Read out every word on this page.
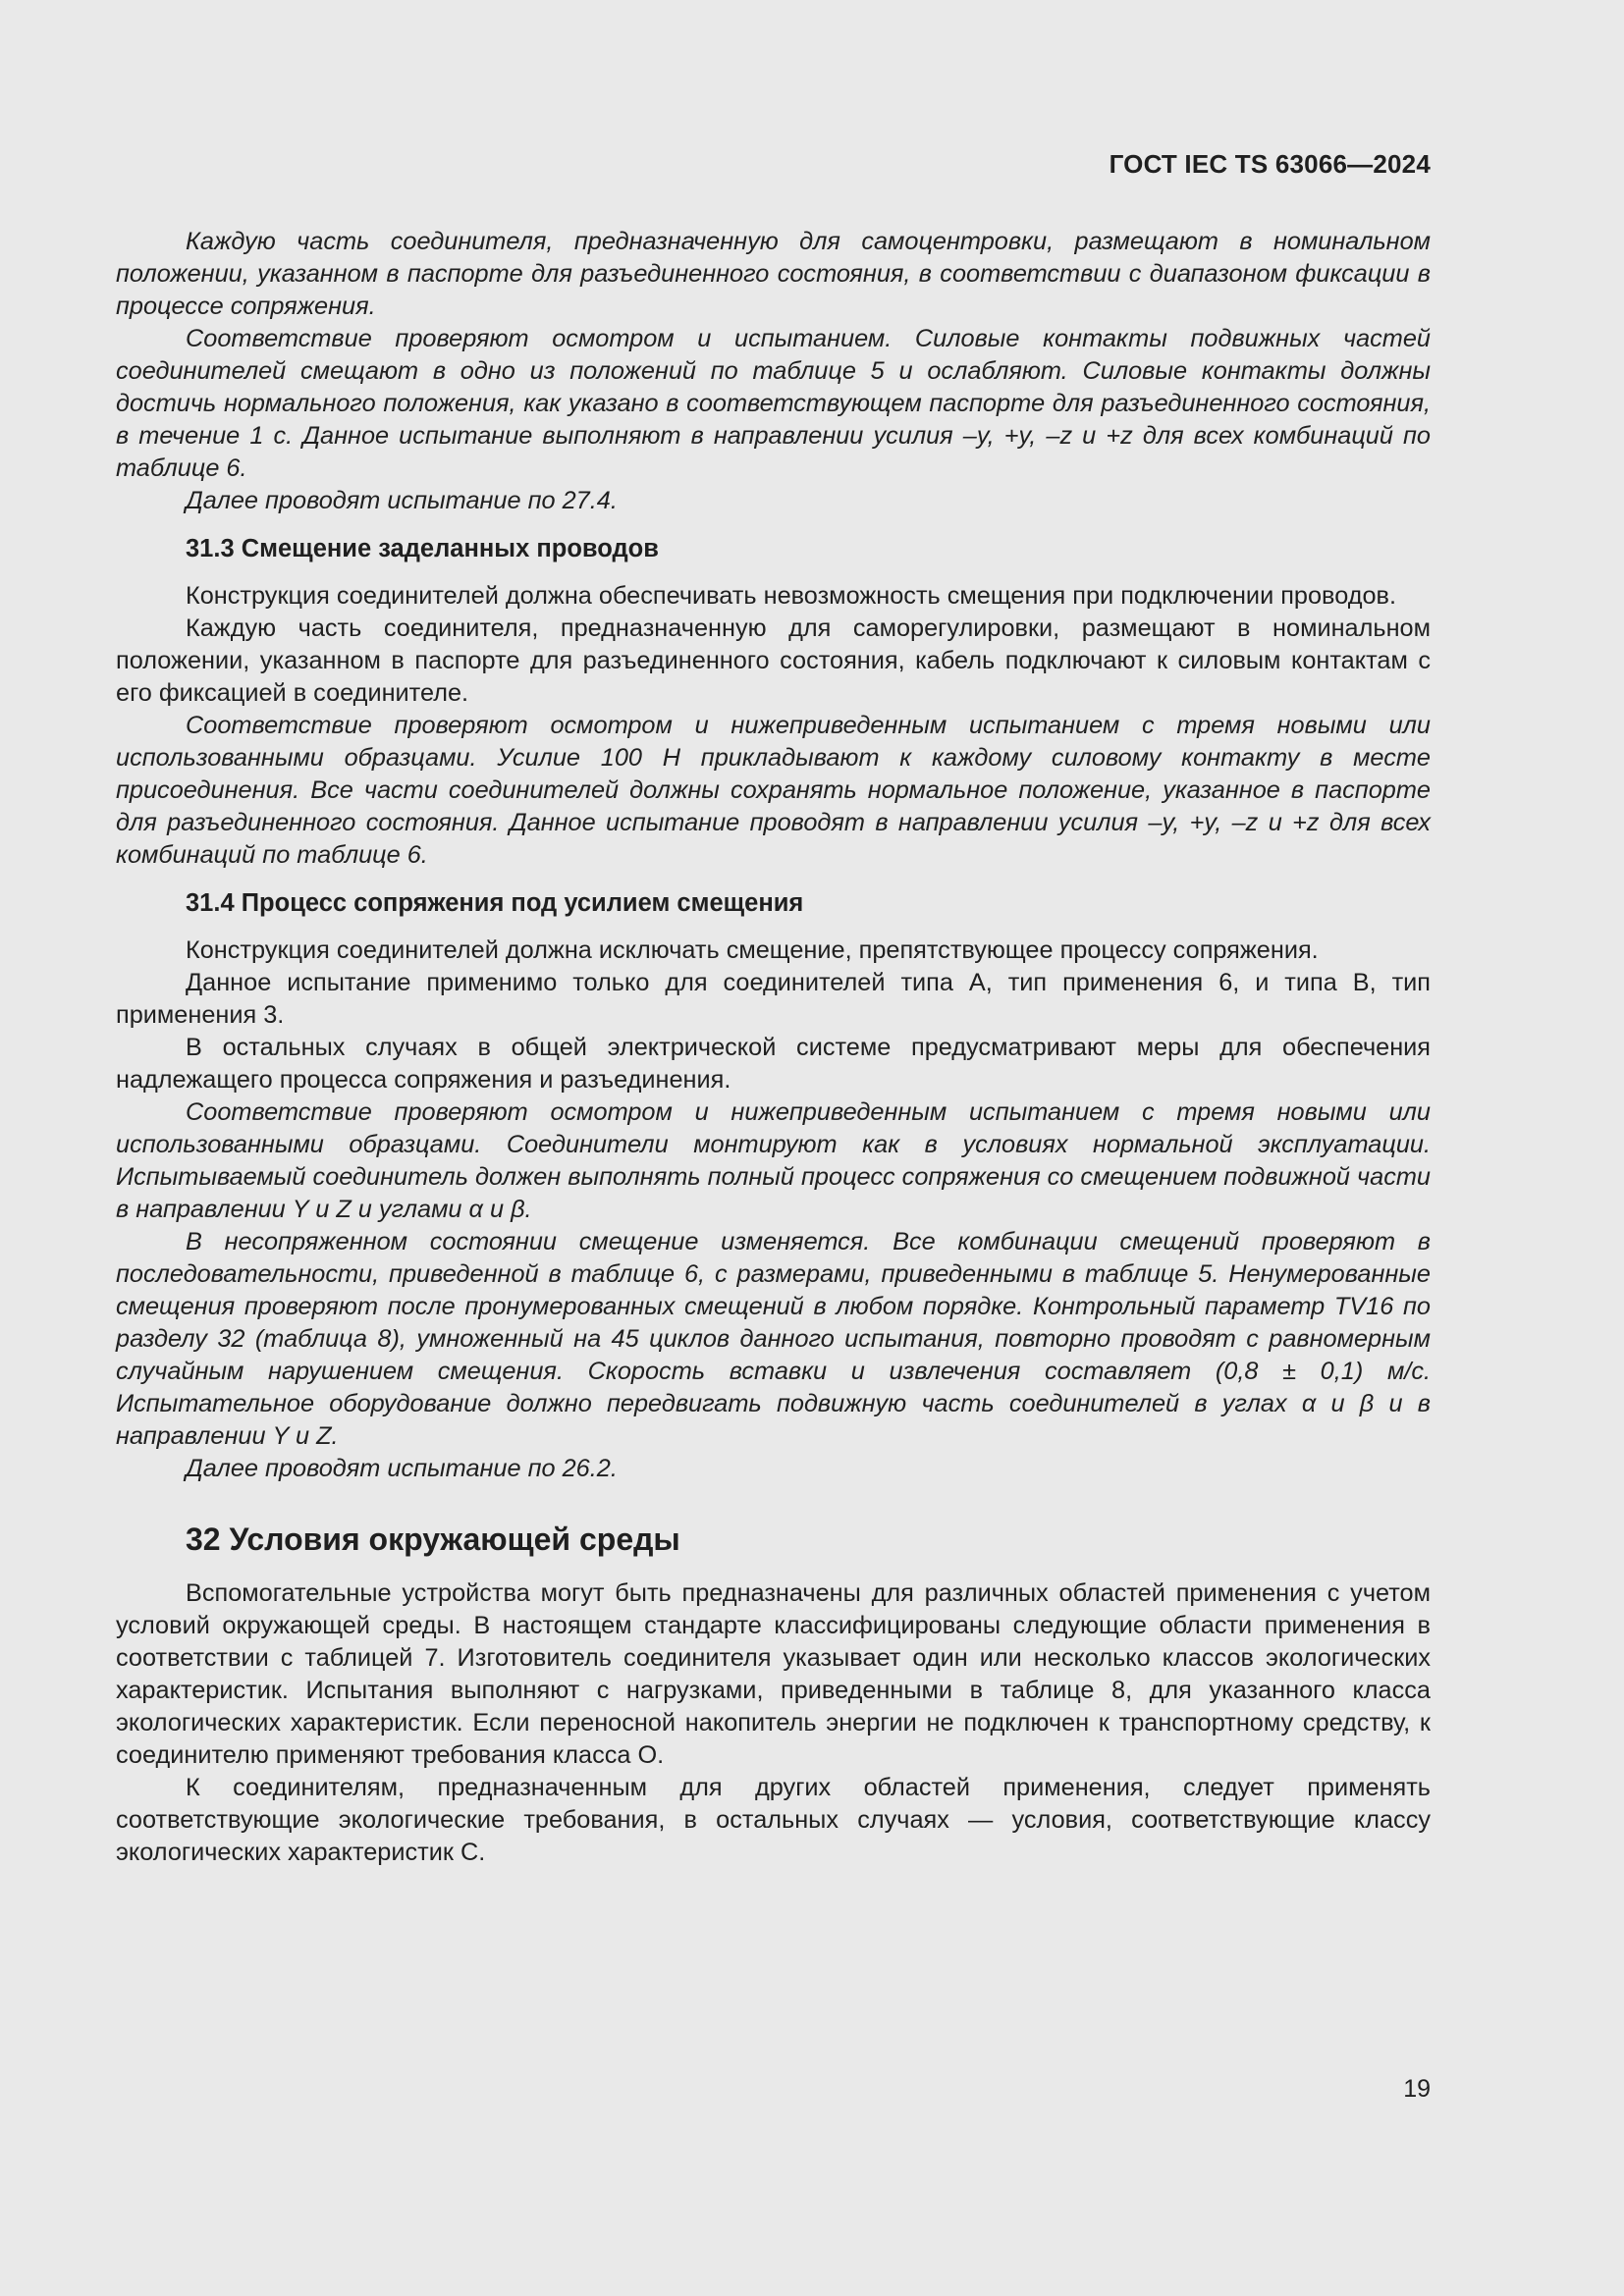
ГОСТ IEC TS 63066—2024

Каждую часть соединителя, предназначенную для самоцентровки, размещают в номинальном положении, указанном в паспорте для разъединенного состояния, в соответствии с диапазоном фиксации в процессе сопряжения.

Соответствие проверяют осмотром и испытанием. Силовые контакты подвижных частей соединителей смещают в одно из положений по таблице 5 и ослабляют. Силовые контакты должны достичь нормального положения, как указано в соответствующем паспорте для разъединенного состояния, в течение 1 с. Данное испытание выполняют в направлении усилия –y, +y, –z и +z для всех комбинаций по таблице 6.

Далее проводят испытание по 27.4.

31.3 Смещение заделанных проводов

Конструкция соединителей должна обеспечивать невозможность смещения при подключении проводов.

Каждую часть соединителя, предназначенную для саморегулировки, размещают в номинальном положении, указанном в паспорте для разъединенного состояния, кабель подключают к силовым контактам с его фиксацией в соединителе.

Соответствие проверяют осмотром и нижеприведенным испытанием с тремя новыми или использованными образцами. Усилие 100 Н прикладывают к каждому силовому контакту в месте присоединения. Все части соединителей должны сохранять нормальное положение, указанное в паспорте для разъединенного состояния. Данное испытание проводят в направлении усилия –y, +y, –z и +z для всех комбинаций по таблице 6.

31.4 Процесс сопряжения под усилием смещения

Конструкция соединителей должна исключать смещение, препятствующее процессу сопряжения.

Данное испытание применимо только для соединителей типа А, тип применения 6, и типа В, тип применения 3.

В остальных случаях в общей электрической системе предусматривают меры для обеспечения надлежащего процесса сопряжения и разъединения.

Соответствие проверяют осмотром и нижеприведенным испытанием с тремя новыми или использованными образцами. Соединители монтируют как в условиях нормальной эксплуатации. Испытываемый соединитель должен выполнять полный процесс сопряжения со смещением подвижной части в направлении Y и Z и углами α и β.

В несопряженном состоянии смещение изменяется. Все комбинации смещений проверяют в последовательности, приведенной в таблице 6, с размерами, приведенными в таблице 5. Ненумерованные смещения проверяют после пронумерованных смещений в любом порядке. Контрольный параметр TV16 по разделу 32 (таблица 8), умноженный на 45 циклов данного испытания, повторно проводят с равномерным случайным нарушением смещения. Скорость вставки и извлечения составляет (0,8 ± 0,1) м/с. Испытательное оборудование должно передвигать подвижную часть соединителей в углах α и β и в направлении Y и Z.

Далее проводят испытание по 26.2.

32 Условия окружающей среды

Вспомогательные устройства могут быть предназначены для различных областей применения с учетом условий окружающей среды. В настоящем стандарте классифицированы следующие области применения в соответствии с таблицей 7. Изготовитель соединителя указывает один или несколько классов экологических характеристик. Испытания выполняют с нагрузками, приведенными в таблице 8, для указанного класса экологических характеристик. Если переносной накопитель энергии не подключен к транспортному средству, к соединителю применяют требования класса О.

К соединителям, предназначенным для других областей применения, следует применять соответствующие экологические требования, в остальных случаях — условия, соответствующие классу экологических характеристик С.

19
